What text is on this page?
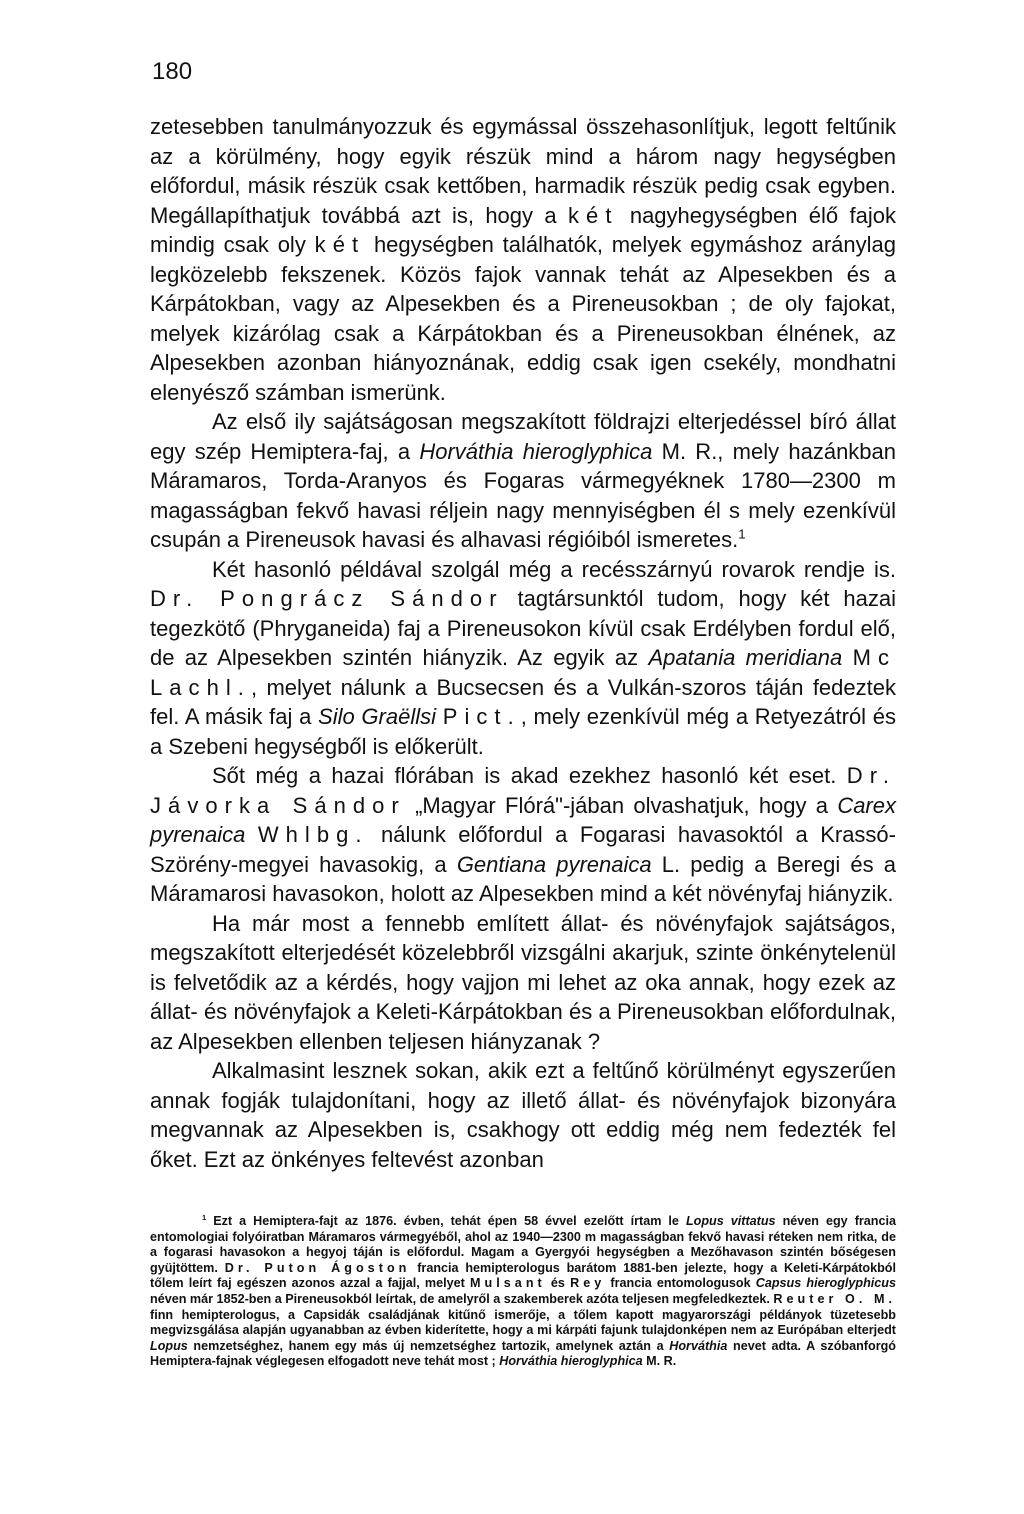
180

zetesebben tanulmányozzuk és egymással összehasonlítjuk, legott feltűnik az a körülmény, hogy egyik részük mind a három nagy hegységben előfordul, másik részük csak kettőben, harmadik részük pedig csak egyben. Megállapíthatjuk továbbá azt is, hogy a két nagyhegységben élő fajok mindig csak oly két hegységben találhatók, melyek egymáshoz aránylag legközelebb fekszenek. Közös fajok vannak tehát az Alpesekben és a Kárpátokban, vagy az Alpesekben és a Pireneusokban ; de oly fajokat, melyek kizárólag csak a Kárpátokban és a Pireneusokban élnének, az Alpesekben azonban hiányoznának, eddig csak igen csekély, mondhatni elenyésző számban ismerünk.

Az első ily sajátságosan megszakított földrajzi elterjedéssel bíró állat egy szép Hemiptera-faj, a Horváthia hieroglyphica M. R., mely hazánkban Máramaros, Torda-Aranyos és Fogaras vármegyéknek 1780—2300 m magasságban fekvő havasi réljein nagy mennyiségben él s mely ezenkívül csupán a Pireneusok havasi és alhavasi régióiból ismeretes.$^1$

Két hasonló példával szolgál még a recésszárnyú rovarok rendje is. Dr. Pongrácz Sándor tagtársunktól tudom, hogy két hazai tegezkötő (Phryganeida) faj a Pireneusokon kívül csak Erdélyben fordul elő, de az Alpesekben szintén hiányzik. Az egyik az Apatania meridiana Mc Lachl., melyet nálunk a Bucsecsen és a Vulkán-szoros táján fedeztek fel. A másik faj a Silo Graëllsi Pict., mely ezenkívül még a Retyezátról és a Szebeni hegységből is előkerült.

Sőt még a hazai flórában is akad ezekhez hasonló két eset. Dr. Jávorka Sándor „Magyar Flórá"-jában olvashatjuk, hogy a Carex pyrenaica Whlbg. nálunk előfordul a Fogarasi havasoktól a Krassó-Szörény-megyei havasokig, a Gentiana pyrenaica L. pedig a Beregi és a Máramarosi havasokon, holott az Alpesekben mind a két növényfaj hiányzik.

Ha már most a fennebb említett állat- és növényfajok sajátságos, megszakított elterjedését közelebbről vizsgálni akarjuk, szinte önkénytelenül is felvetődik az a kérdés, hogy vajjon mi lehet az oka annak, hogy ezek az állat- és növényfajok a Keleti-Kárpátokban és a Pireneusokban előfordulnak, az Alpesekben ellenben teljesen hiányzanak ?

Alkalmasint lesznek sokan, akik ezt a feltűnő körülményt egyszerűen annak fogják tulajdonítani, hogy az illető állat- és növényfajok bizonyára megvannak az Alpesekben is, csakhogy ott eddig még nem fedezték fel őket. Ezt az önkényes feltevést azonban

$^1$ Ezt a Hemiptera-fajt az 1876. évben, tehát épen 58 évvel ezelőtt írtam le Lopus vittatus néven egy francia entomologiai folyóiratban Máramaros vármegyéből, ahol az 1940—2300 m magasságban fekvő havasi réteken nem ritka, de a fogarasi havasokon a hegyoj táján is előfordul. Magam a Gyergyói hegységben a Mezőhavason szintén bőségesen gyüjtöttem. Dr. Puton Ágoston francia hemipterologus barátom 1881-ben jelezte, hogy a Keleti-Kárpátokból tőlem leírt faj egészen azonos azzal a fajjal, melyet Mulsant és Rey francia entomologusok Capsus hieroglyphicus néven már 1852-ben a Pireneusokból leírtak, de amelyről a szakemberek azóta teljesen megfeledkeztek. Reuter O. M. finn hemipterologus, a Capsidák családjának kitűnő ismerője, a tőlem kapott magyarországi példányok tüzetesebb megvizsgálása alapján ugyanabban az évben kiderítette, hogy a mi kárpáti fajunk tulajdonképen nem az Európában elterjedt Lopus nemzetséghez, hanem egy más új nemzetséghez tartozik, amelynek aztán a Horváthia nevet adta. A szóbanforgó Hemiptera-fajnak véglegesen elfogadott neve tehát most ; Horváthia hieroglyphica M. R.
